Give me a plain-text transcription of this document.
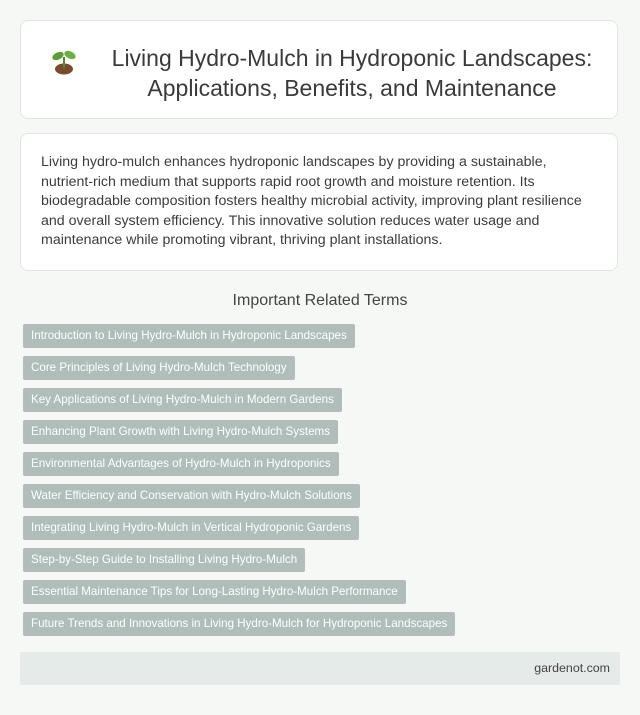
Living Hydro-Mulch in Hydroponic Landscapes: Applications, Benefits, and Maintenance

Living hydro-mulch enhances hydroponic landscapes by providing a sustainable, nutrient-rich medium that supports rapid root growth and moisture retention. Its biodegradable composition fosters healthy microbial activity, improving plant resilience and overall system efficiency. This innovative solution reduces water usage and maintenance while promoting vibrant, thriving plant installations.

Important Related Terms
Introduction to Living Hydro-Mulch in Hydroponic Landscapes
Core Principles of Living Hydro-Mulch Technology
Key Applications of Living Hydro-Mulch in Modern Gardens
Enhancing Plant Growth with Living Hydro-Mulch Systems
Environmental Advantages of Hydro-Mulch in Hydroponics
Water Efficiency and Conservation with Hydro-Mulch Solutions
Integrating Living Hydro-Mulch in Vertical Hydroponic Gardens
Step-by-Step Guide to Installing Living Hydro-Mulch
Essential Maintenance Tips for Long-Lasting Hydro-Mulch Performance
Future Trends and Innovations in Living Hydro-Mulch for Hydroponic Landscapes
gardenot.com
